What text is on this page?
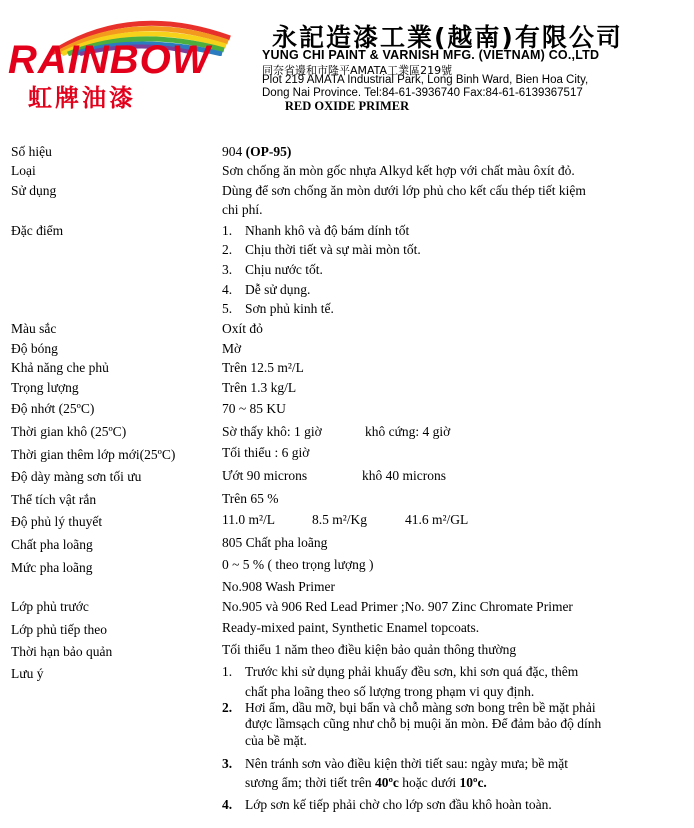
RAINBOW
虹牌油漆
永記造漆工業(越南)有限公司
YUNG CHI PAINT & VARNISH MFG. (VIETNAM) CO.,LTD
同奈省邊和市隆平AMATA工業區219號
Plot 219 AMATA Industrial Park, Long Binh Ward, Bien Hoa City,
Dong Nai Province. Tel:84-61-3936740 Fax:84-61-6139367517
RED OXIDE PRIMER
Số hiệu	904 (OP-95)
Loại	Sơn chống ăn mòn gốc nhựa Alkyd kết hợp với chất màu ôxít đỏ.
Sử dụng	Dùng để sơn chống ăn mòn dưới lớp phủ cho kết cấu thép tiết kiệm
chi phí.
Đặc điểm	1. Nhanh khô và độ bám dính tốt
2. Chịu thời tiết và sự mài mòn tốt.
3. Chịu nước tốt.
4. Dễ sử dụng.
5. Sơn phủ kinh tế.
Màu sắc	Oxít đỏ
Độ bóng	Mờ
Khả năng che phủ	Trên 12.5 m²/L
Trọng lượng	Trên 1.3 kg/L
Độ nhớt (25ºC)	70 ~ 85 KU
Thời gian khô (25ºC)	Sờ thấy khô: 1 giờ	khô cứng: 4 giờ
Thời gian thêm lớp mới(25ºC)	Tối thiểu : 6 giờ
Độ dày màng sơn tối ưu	Ướt 90 microns	khô 40 microns
Thể tích vật rắn	Trên 65 %
Độ phủ lý thuyết	11.0 m²/L	8.5 m²/Kg	41.6 m²/GL
Chất pha loãng	805 Chất pha loãng
Mức pha loãng	0 ~ 5 % ( theo trọng lượng )
No.908 Wash Primer
Lớp phủ trước	No.905 và 906 Red Lead Primer ;No. 907 Zinc Chromate Primer
Lớp phủ tiếp theo	Ready-mixed paint, Synthetic Enamel topcoats.
Thời hạn bảo quản	Tối thiểu 1 năm theo điều kiện bảo quản thông thường
Lưu ý	1. Trước khi sử dụng phải khuấy đều sơn, khi sơn quá đặc, thêm
chất pha loãng theo số lượng trong phạm vi quy định.
2. Hơi ẩm, dầu mỡ, bụi bẩn và chỗ màng sơn bong trên bề mặt phải
được lầmsạch cũng như chỗ bị muội ăn mòn. Để đảm bảo độ dính
của bề mặt.
3. Nên tránh sơn vào điều kiện thời tiết sau: ngày mưa; bề mặt
sương ẩm; thời tiết trên 40ºc hoặc dưới 10ºc.
4. Lớp sơn kế tiếp phải chờ cho lớp sơn đầu khô hoàn toàn.
